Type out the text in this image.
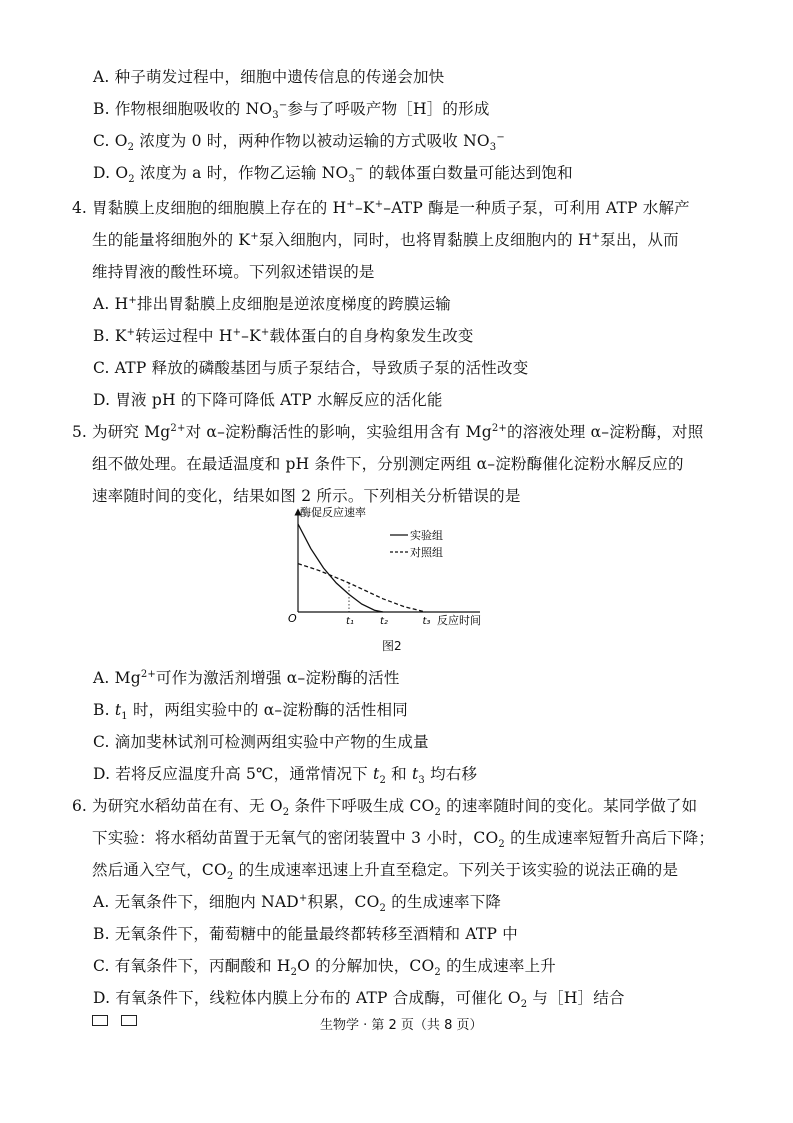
A. 种子萌发过程中，细胞中遗传信息的传递会加快
B. 作物根细胞吸收的 $NO_3^-$参与了呼吸产物［H］的形成
C. $O_2$ 浓度为 0 时，两种作物以被动运输的方式吸收 $NO_3^-$
D. $O_2$ 浓度为 a 时，作物乙运输 $NO_3^-$ 的载体蛋白数量可能达到饱和
4. 胃黏膜上皮细胞的细胞膜上存在的 H+–K+–ATP 酶是一种质子泵，可利用 ATP 水解产
生的能量将细胞外的 K+泵入细胞内，同时，也将胃黏膜上皮细胞内的 H+泵出，从而
维持胃液的酸性环境。下列叙述错误的是
A. H+排出胃黏膜上皮细胞是逆浓度梯度的跨膜运输
B. K+转运过程中 H+–K+载体蛋白的自身构象发生改变
C. ATP 释放的磷酸基团与质子泵结合，导致质子泵的活性改变
D. 胃液 pH 的下降可降低 ATP 水解反应的活化能
5. 为研究 $Mg^{2+}$对 α–淀粉酶活性的影响，实验组用含有 $Mg^{2+}$的溶液处理 α–淀粉酶，对照
组不做处理。在最适温度和 pH 条件下，分别测定两组 α–淀粉酶催化淀粉水解反应的
速率随时间的变化，结果如图 2 所示。下列相关分析错误的是
酶促反应速率
O	反应时间
实验组
对照组
t₁	t₂	t₃
图2
A. $Mg^{2+}$可作为激活剂增强 α–淀粉酶的活性
B. $t_1$ 时，两组实验中的 α–淀粉酶的活性相同
C. 滴加斐林试剂可检测两组实验中产物的生成量
D. 若将反应温度升高 5℃，通常情况下 $t_2$ 和 $t_3$ 均右移
6. 为研究水稻幼苗在有、无 $O_2$ 条件下呼吸生成 $CO_2$ 的速率随时间的变化。某同学做了如
下实验：将水稻幼苗置于无氧气的密闭装置中 3 小时，$CO_2$ 的生成速率短暂升高后下降；
然后通入空气，$CO_2$ 的生成速率迅速上升直至稳定。下列关于该实验的说法正确的是
A. 无氧条件下，细胞内 NAD+积累，$CO_2$ 的生成速率下降
B. 无氧条件下，葡萄糖中的能量最终都转移至酒精和 ATP 中
C. 有氧条件下，丙酮酸和 $H_2O$ 的分解加快，$CO_2$ 的生成速率上升
D. 有氧条件下，线粒体内膜上分布的 ATP 合成酶，可催化 $O_2$ 与［H］结合
生物学 · 第 2 页（共 8 页）
